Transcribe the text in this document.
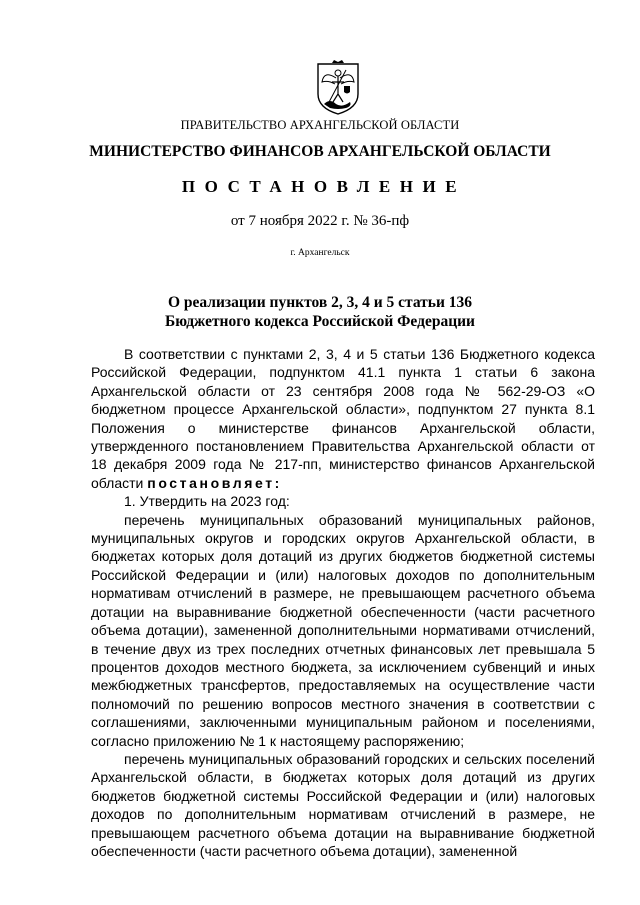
ПРАВИТЕЛЬСТВО АРХАНГЕЛЬСКОЙ ОБЛАСТИ
МИНИСТЕРСТВО ФИНАНСОВ АРХАНГЕЛЬСКОЙ ОБЛАСТИ
ПОСТАНОВЛЕНИЕ
от 7 ноября 2022 г. № 36-пф
г. Архангельск
О реализации пунктов 2, 3, 4 и 5 статьи 136
Бюджетного кодекса Российской Федерации

В соответствии с пунктами 2, 3, 4 и 5 статьи 136 Бюджетного кодекса Российской Федерации, подпунктом 41.1 пункта 1 статьи 6 закона Архангельской области от 23 сентября 2008 года № 562-29-ОЗ «О бюджетном процессе Архангельской области», подпунктом 27 пункта 8.1 Положения о министерстве финансов Архангельской области, утвержденного постановлением Правительства Архангельской области от 18 декабря 2009 года № 217-пп, министерство финансов Архангельской области постановляет:

1. Утвердить на 2023 год:

перечень муниципальных образований муниципальных районов, муниципальных округов и городских округов Архангельской области, в бюджетах которых доля дотаций из других бюджетов бюджетной системы Российской Федерации и (или) налоговых доходов по дополнительным нормативам отчислений в размере, не превышающем расчетного объема дотации на выравнивание бюджетной обеспеченности (части расчетного объема дотации), замененной дополнительными нормативами отчислений, в течение двух из трех последних отчетных финансовых лет превышала 5 процентов доходов местного бюджета, за исключением субвенций и иных межбюджетных трансфертов, предоставляемых на осуществление части полномочий по решению вопросов местного значения в соответствии с соглашениями, заключенными муниципальным районом и поселениями, согласно приложению № 1 к настоящему распоряжению;

перечень муниципальных образований городских и сельских поселений Архангельской области, в бюджетах которых доля дотаций из других бюджетов бюджетной системы Российской Федерации и (или) налоговых доходов по дополнительным нормативам отчислений в размере, не превышающем расчетного объема дотации на выравнивание бюджетной обеспеченности (части расчетного объема дотации), замененной
